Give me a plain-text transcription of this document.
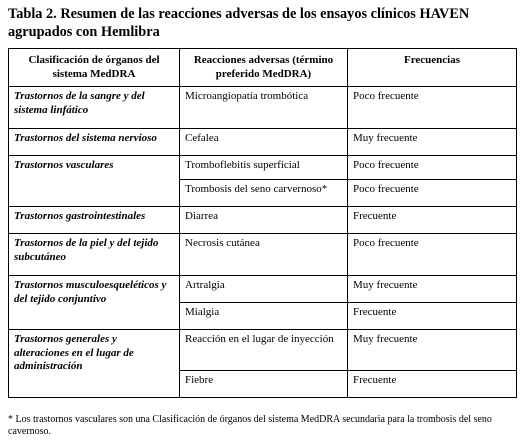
Tabla 2. Resumen de las reacciones adversas de los ensayos clínicos HAVEN agrupados con Hemlibra
Clasificación de órganos del sistema MedDRA	Reacciones adversas (término preferido MedDRA)	Frecuencias
Trastornos de la sangre y del sistema linfático	Microangiopatía trombótica	Poco frecuente
Trastornos del sistema nervioso	Cefalea	Muy frecuente
Trastornos vasculares	Tromboflebitis superficial	Poco frecuente
	Trombosis del seno carvernoso*	Poco frecuente
Trastornos gastrointestinales	Diarrea	Frecuente
Trastornos de la piel y del tejido subcutáneo	Necrosis cutánea	Poco frecuente
Trastornos musculoesqueléticos y del tejido conjuntivo	Artralgia	Muy frecuente
	Mialgia	Frecuente
Trastornos generales y alteraciones en el lugar de administración	Reacción en el lugar de inyección	Muy frecuente
	Fiebre	Frecuente
* Los trastornos vasculares son una Clasificación de órganos del sistema MedDRA secundaria para la trombosis del seno cavernoso.
